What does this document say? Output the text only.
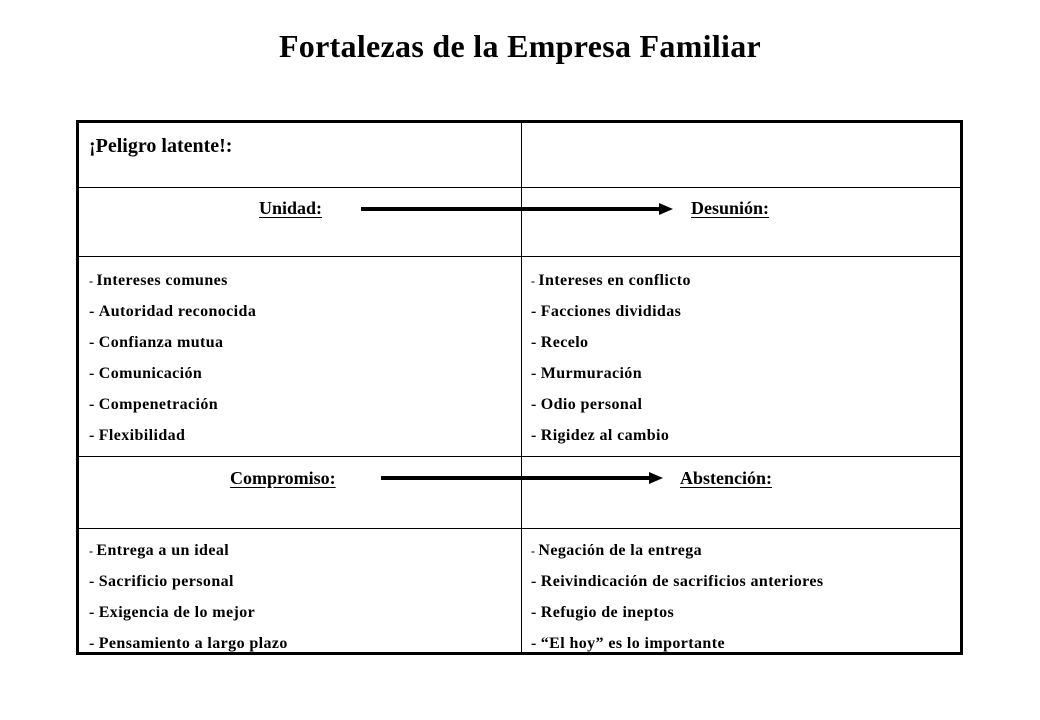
Fortalezas de la Empresa Familiar
¡Peligro latente!:
Unidad:	Desunión:
- Intereses comunes
- Autoridad reconocida
- Confianza mutua
- Comunicación
- Compenetración
- Flexibilidad
- Intereses en conflicto
- Facciones divididas
- Recelo
- Murmuración
- Odio personal
- Rigidez al cambio
Compromiso:	Abstención:
- Entrega a un ideal
- Sacrificio personal
- Exigencia de lo mejor
- Pensamiento a largo plazo
- Negación de la entrega
- Reivindicación de sacrificios anteriores
- Refugio de ineptos
- “El hoy” es lo importante
